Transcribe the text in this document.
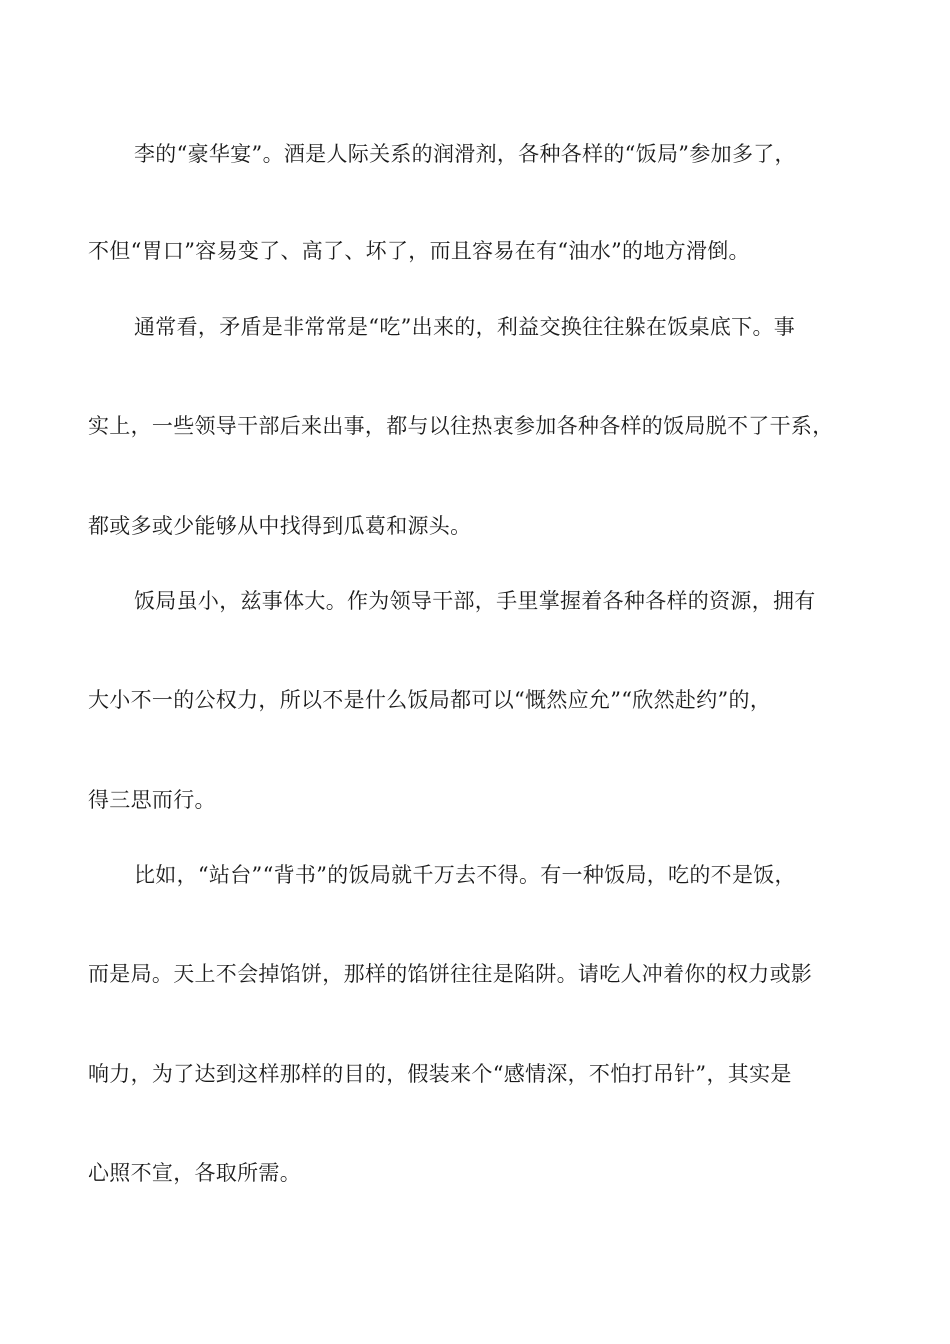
李的“豪华宴”。酒是人际关系的润滑剂，各种各样的“饭局”参加多了，
不但“胃口”容易变了、高了、坏了，而且容易在有“油水”的地方滑倒。
通常看，矛盾是非常常是“吃”出来的，利益交换往往躲在饭桌底下。事
实上，一些领导干部后来出事，都与以往热衷参加各种各样的饭局脱不了干系，
都或多或少能够从中找得到瓜葛和源头。
饭局虽小，兹事体大。作为领导干部，手里掌握着各种各样的资源，拥有
大小不一的公权力，所以不是什么饭局都可以“慨然应允”“欣然赴约”的，
得三思而行。
比如，“站台”“背书”的饭局就千万去不得。有一种饭局，吃的不是饭，
而是局。天上不会掉馅饼，那样的馅饼往往是陷阱。请吃人冲着你的权力或影
响力，为了达到这样那样的目的，假装来个“感情深，不怕打吊针”，其实是
心照不宣，各取所需。
